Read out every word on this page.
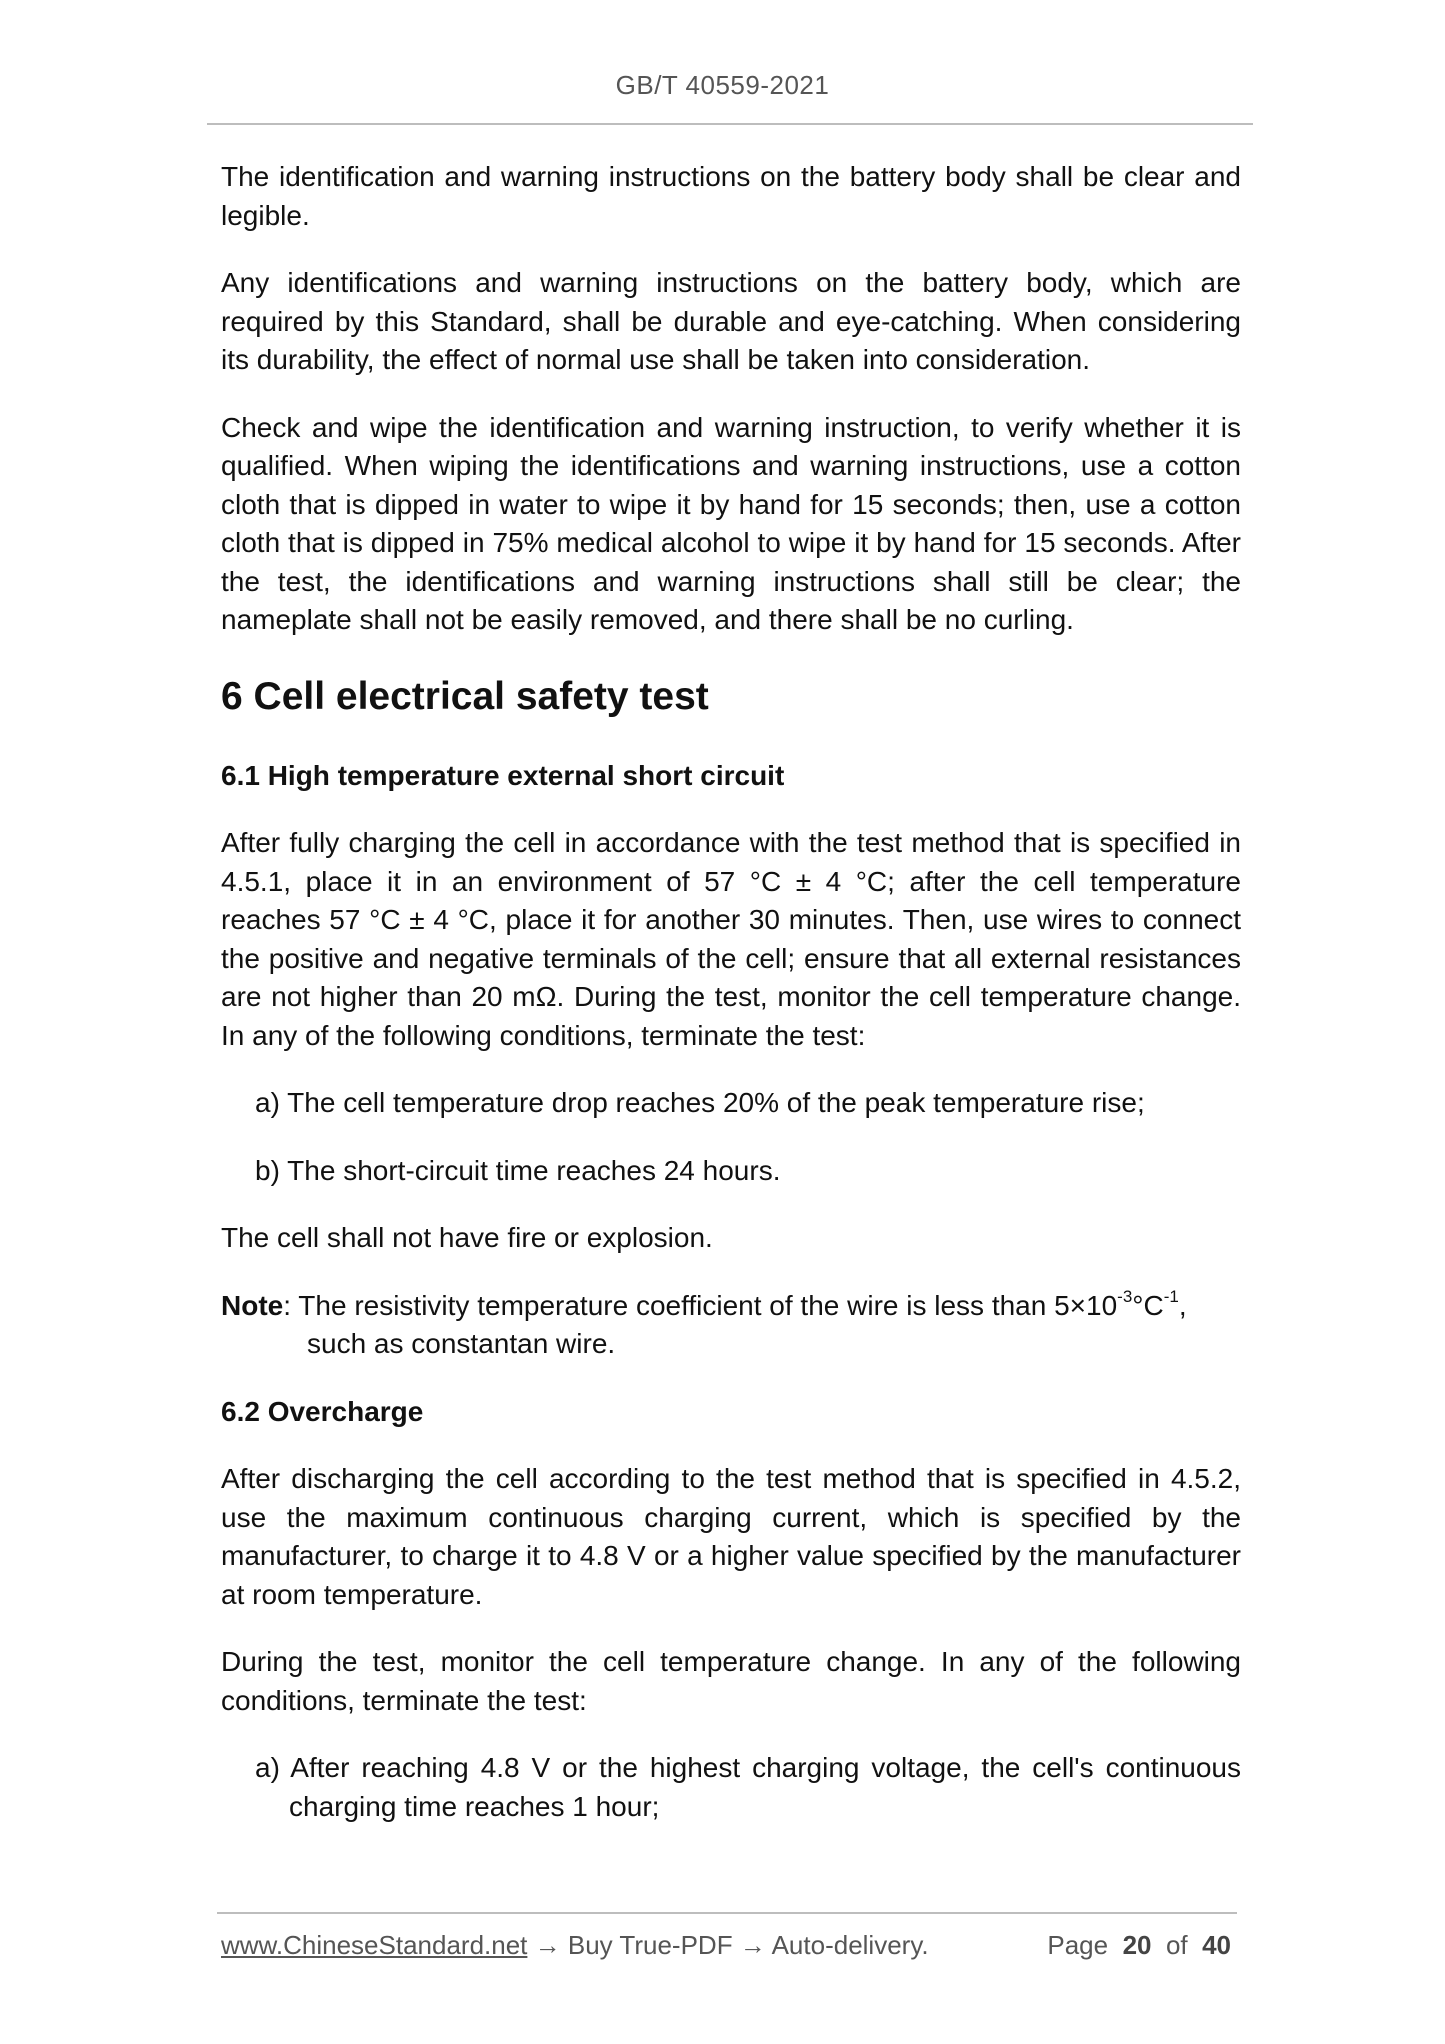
GB/T 40559-2021

The identification and warning instructions on the battery body shall be clear and legible.

Any identifications and warning instructions on the battery body, which are required by this Standard, shall be durable and eye-catching. When considering its durability, the effect of normal use shall be taken into consideration.

Check and wipe the identification and warning instruction, to verify whether it is qualified. When wiping the identifications and warning instructions, use a cotton cloth that is dipped in water to wipe it by hand for 15 seconds; then, use a cotton cloth that is dipped in 75% medical alcohol to wipe it by hand for 15 seconds. After the test, the identifications and warning instructions shall still be clear; the nameplate shall not be easily removed, and there shall be no curling.

6 Cell electrical safety test
6.1 High temperature external short circuit

After fully charging the cell in accordance with the test method that is specified in 4.5.1, place it in an environment of 57 °C ± 4 °C; after the cell temperature reaches 57 °C ± 4 °C, place it for another 30 minutes. Then, use wires to connect the positive and negative terminals of the cell; ensure that all external resistances are not higher than 20 mΩ. During the test, monitor the cell temperature change. In any of the following conditions, terminate the test:

a) The cell temperature drop reaches 20% of the peak temperature rise;

b) The short-circuit time reaches 24 hours.

The cell shall not have fire or explosion.

Note: The resistivity temperature coefficient of the wire is less than $5\times 10^{-3}^\circ C^{-1}$,

such as constantan wire.

6.2 Overcharge

After discharging the cell according to the test method that is specified in 4.5.2, use the maximum continuous charging current, which is specified by the manufacturer, to charge it to 4.8 V or a higher value specified by the manufacturer at room temperature.

During the test, monitor the cell temperature change. In any of the following conditions, terminate the test:

a) After reaching 4.8 V or the highest charging voltage, the cell's continuous charging time reaches 1 hour;

www.ChineseStandard.net → Buy True-PDF → Auto-delivery.	Page 20 of 40
